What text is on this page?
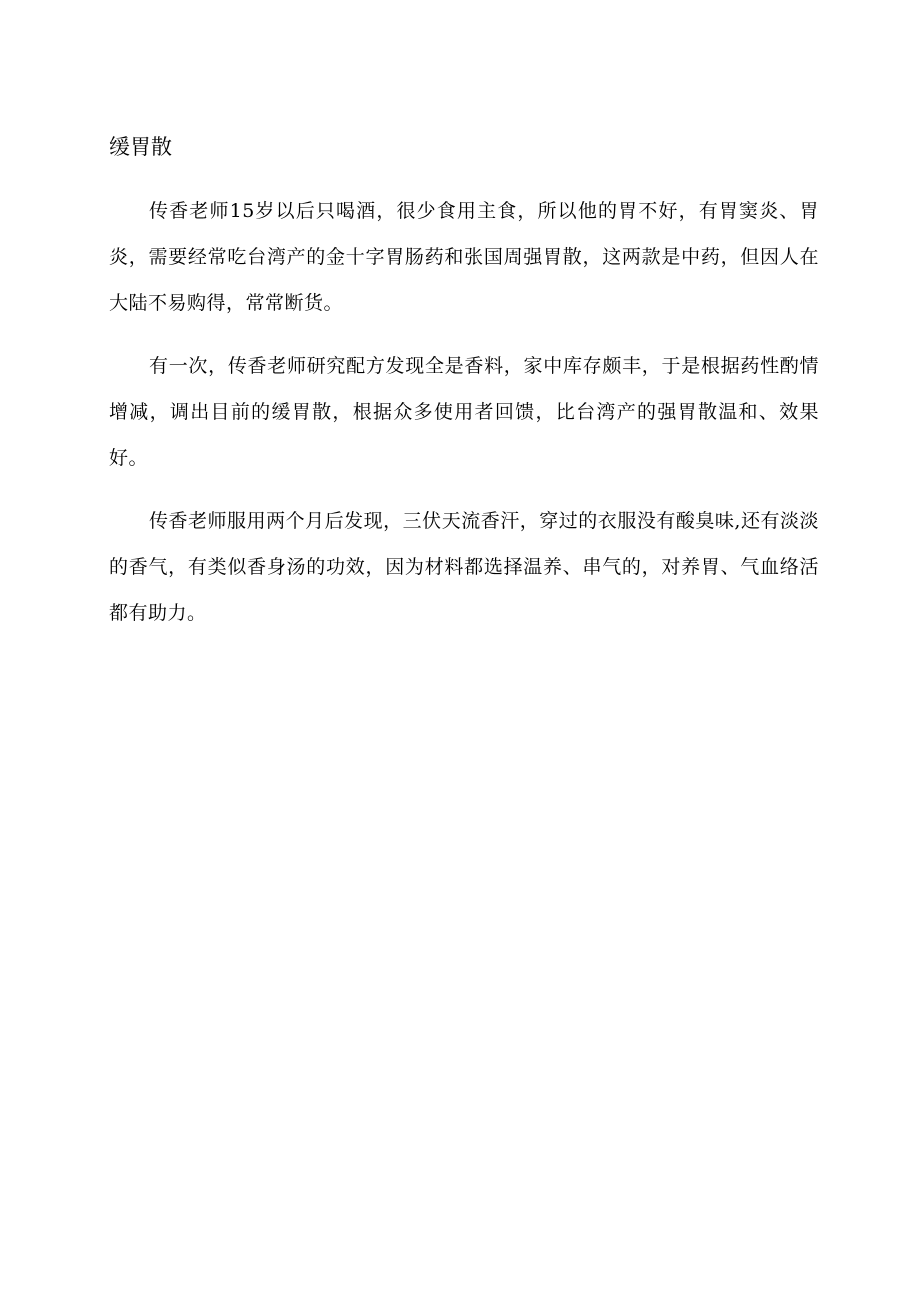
缓胃散

传香老师15岁以后只喝酒，很少食用主食，所以他的胃不好，有胃窦炎、胃炎，需要经常吃台湾产的金十字胃肠药和张国周强胃散，这两款是中药，但因人在大陆不易购得，常常断货。

有一次，传香老师研究配方发现全是香料，家中库存颇丰，于是根据药性酌情增减，调出目前的缓胃散，根据众多使用者回馈，比台湾产的强胃散温和、效果好。

传香老师服用两个月后发现，三伏天流香汗，穿过的衣服没有酸臭味,还有淡淡的香气，有类似香身汤的功效，因为材料都选择温养、串气的，对养胃、气血络活都有助力。
